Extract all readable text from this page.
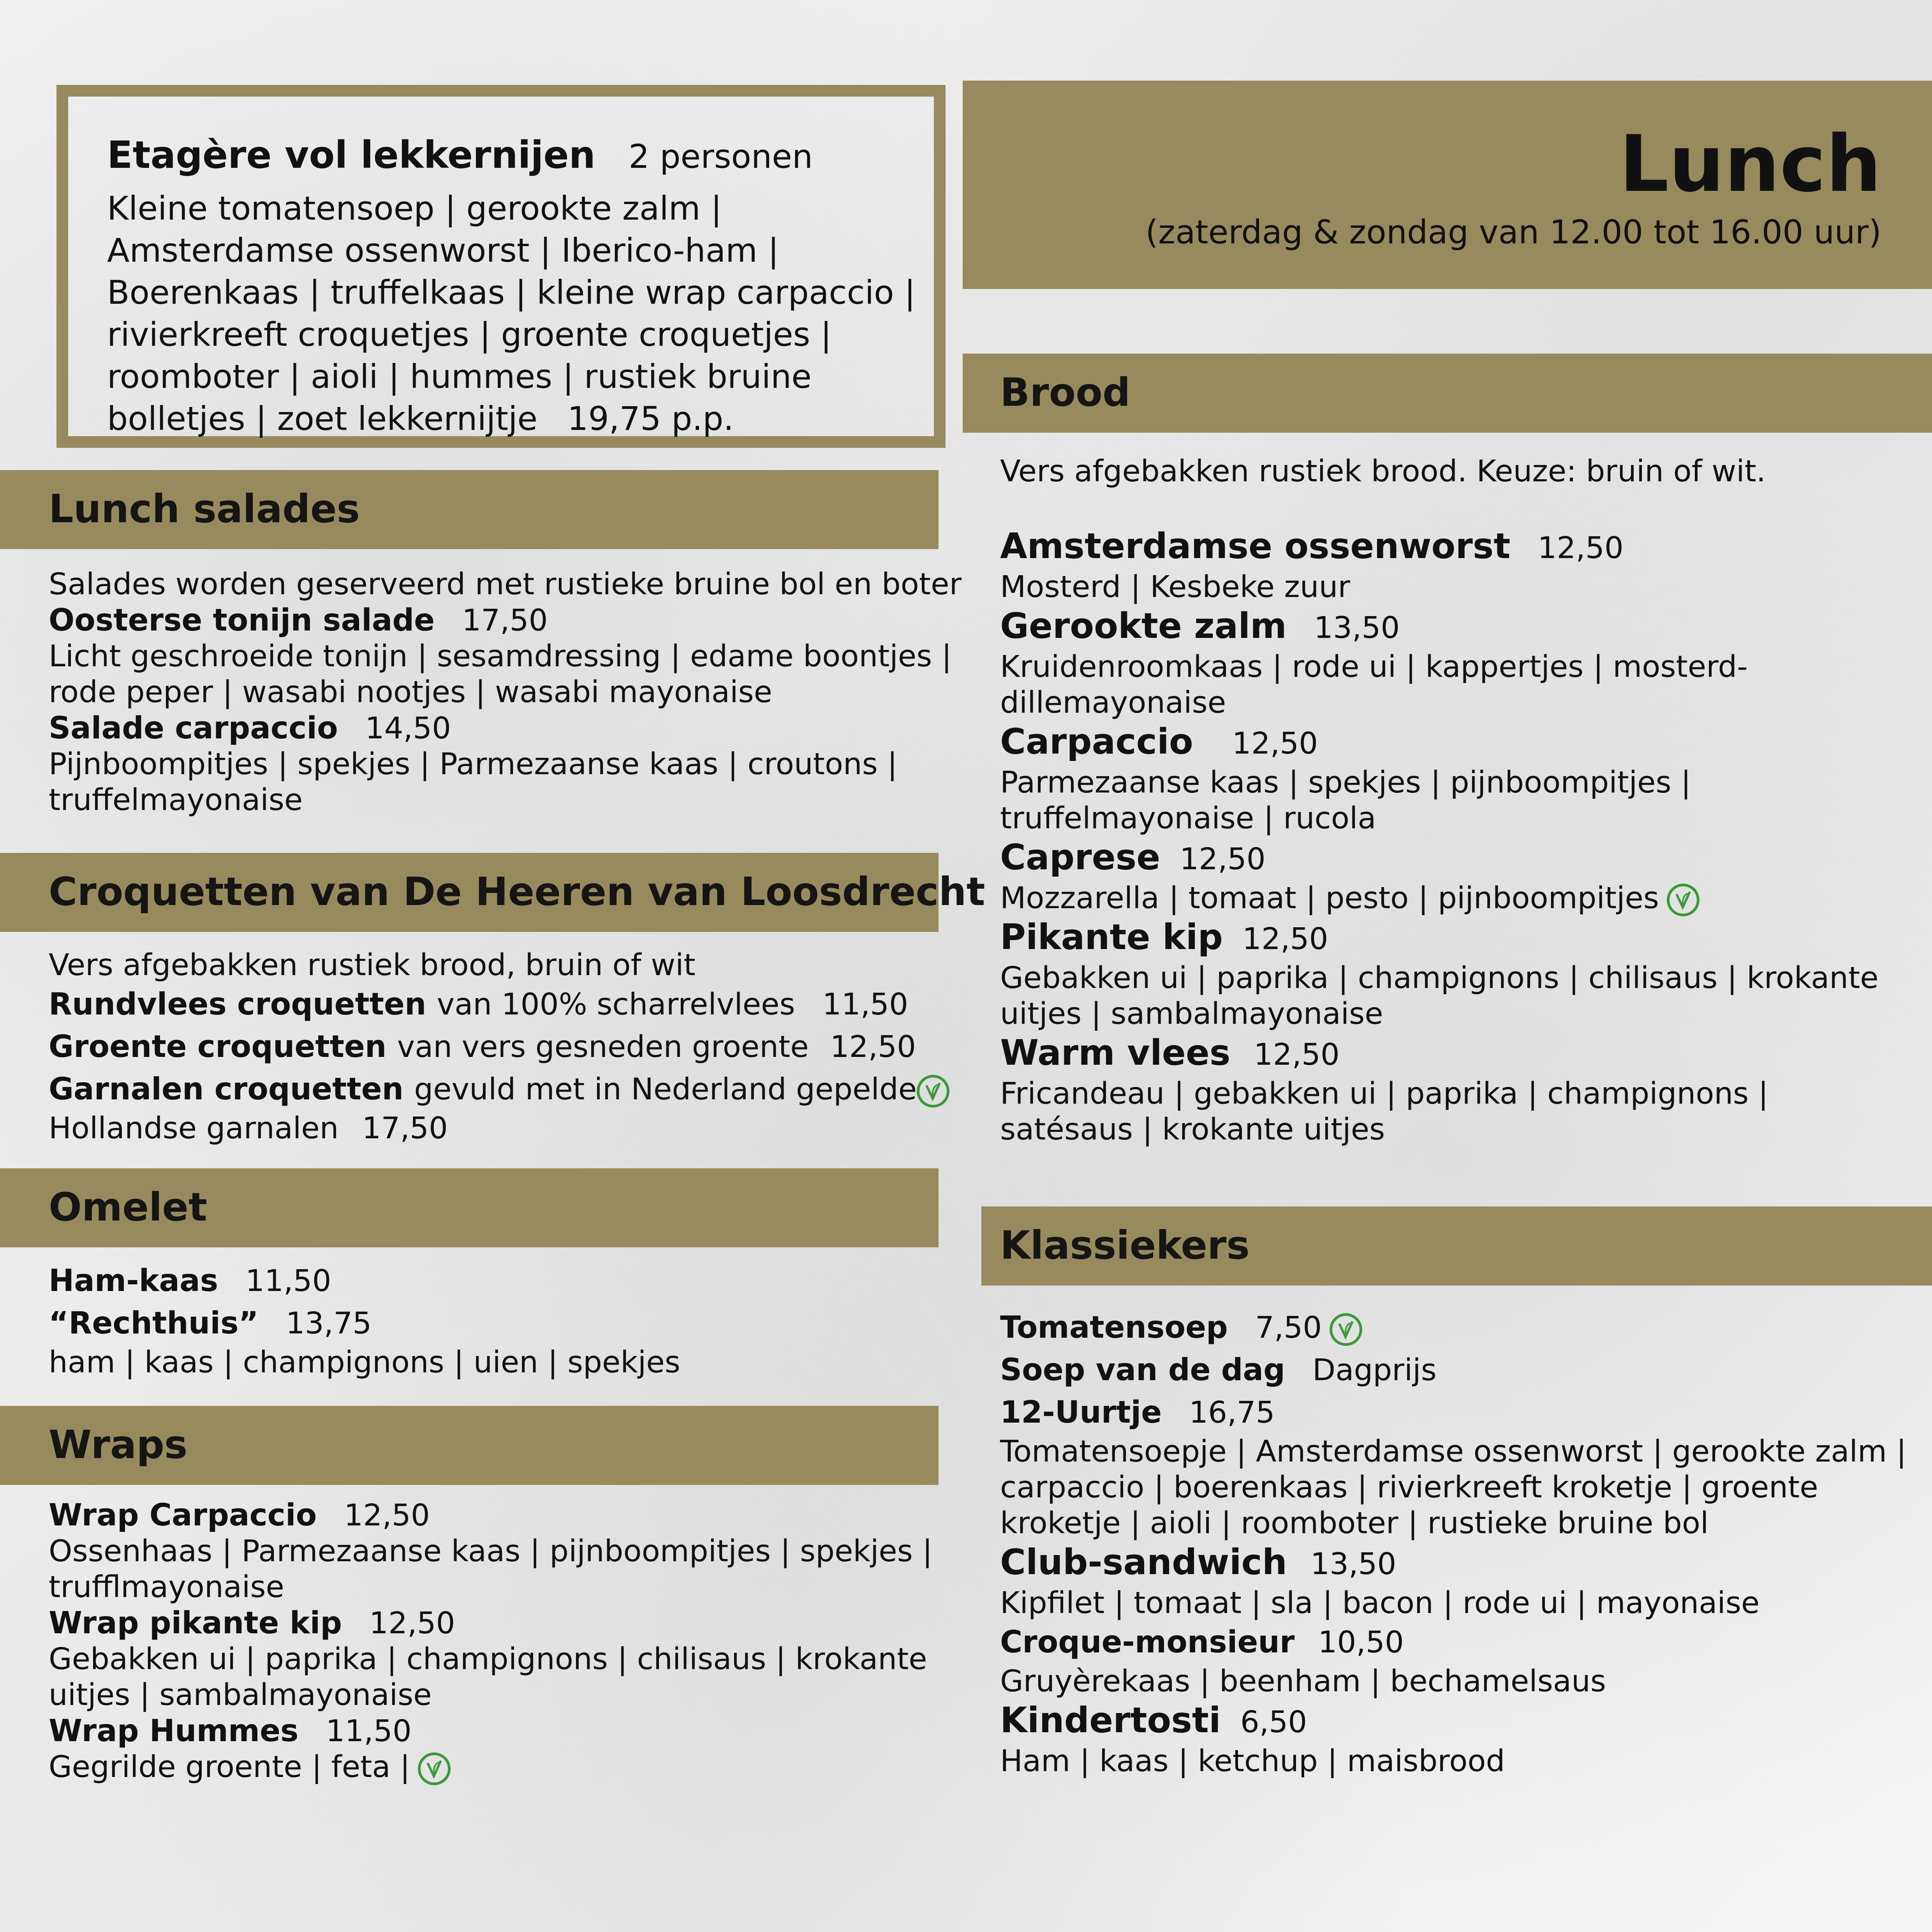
Etagère vol lekkernijen 2 personen
Kleine tomatensoep | gerookte zalm |
Amsterdamse ossenworst | Iberico-ham |
Boerenkaas | truffelkaas | kleine wrap carpaccio |
rivierkreeft croquetjes | groente croquetjes |
roomboter | aioli | hummes | rustiek bruine
bolletjes | zoet lekkernijtje 19,75 p.p.
Lunch
(zaterdag & zondag van 12.00 tot 16.00 uur)
Lunch salades
Salades worden geserveerd met rustieke bruine bol en boter
Oosterse tonijn salade 17,50
Licht geschroeide tonijn | sesamdressing | edame boontjes |
rode peper | wasabi nootjes | wasabi mayonaise
Salade carpaccio 14,50
Pijnboompitjes | spekjes | Parmezaanse kaas | croutons |
truffelmayonaise
Croquetten van De Heeren van Loosdrecht
Vers afgebakken rustiek brood, bruin of wit
Rundvlees croquetten van 100% scharrelvlees 11,50
Groente croquetten van vers gesneden groente 12,50
Garnalen croquetten gevuld met in Nederland gepelde
Hollandse garnalen 17,50
Omelet
Ham-kaas 11,50
“Rechthuis” 13,75
ham | kaas | champignons | uien | spekjes
Wraps
Wrap Carpaccio 12,50
Ossenhaas | Parmezaanse kaas | pijnboompitjes | spekjes |
trufflmayonaise
Wrap pikante kip 12,50
Gebakken ui | paprika | champignons | chilisaus | krokante
uitjes | sambalmayonaise
Wrap Hummes 11,50
Gegrilde groente | feta |
Brood
Vers afgebakken rustiek brood. Keuze: bruin of wit.
Amsterdamse ossenworst 12,50
Mosterd | Kesbeke zuur
Gerookte zalm 13,50
Kruidenroomkaas | rode ui | kappertjes | mosterd-
dillemayonaise
Carpaccio 12,50
Parmezaanse kaas | spekjes | pijnboompitjes |
truffelmayonaise | rucola
Caprese 12,50
Mozzarella | tomaat | pesto | pijnboompitjes
Pikante kip 12,50
Gebakken ui | paprika | champignons | chilisaus | krokante
uitjes | sambalmayonaise
Warm vlees 12,50
Fricandeau | gebakken ui | paprika | champignons |
satésaus | krokante uitjes
Klassiekers
Tomatensoep 7,50
Soep van de dag Dagprijs
12-Uurtje 16,75
Tomatensoepje | Amsterdamse ossenworst | gerookte zalm |
carpaccio | boerenkaas | rivierkreeft kroketje | groente
kroketje | aioli | roomboter | rustieke bruine bol
Club-sandwich 13,50
Kipfilet | tomaat | sla | bacon | rode ui | mayonaise
Croque-monsieur 10,50
Gruyèrekaas | beenham | bechamelsaus
Kindertosti 6,50
Ham | kaas | ketchup | maisbrood
